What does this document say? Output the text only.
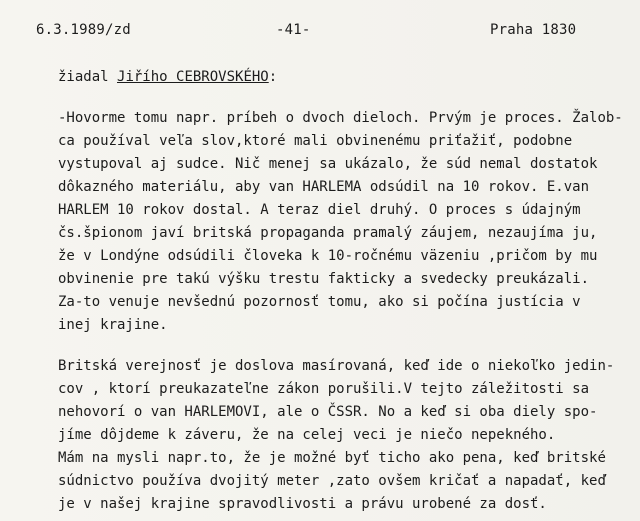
6.3.1989/zd	-41-	Praha 1830
žiadal Jiřího CEBROVSKÉHO:
-Hovorme tomu napr. príbeh o dvoch dieloch. Prvým je proces. Žalob-
ca používal veľa slov,ktoré mali obvinenému priťažiť, podobne
vystupoval aj sudce. Nič menej sa ukázalo, že súd nemal dostatok
dôkazného materiálu, aby van HARLEMA odsúdil na 10 rokov. E.van
HARLEM 10 rokov dostal. A teraz diel druhý. O proces s údajným
čs.špionom javí britská propaganda pramalý záujem, nezaujíma ju,
že v Londýne odsúdili človeka k 10-ročnému väzeniu ,pričom by mu
obvinenie pre takú výšku trestu fakticky a svedecky preukázali.
Za-to venuje nevšednú pozornosť tomu, ako si počína justícia v
inej krajine.
Britská verejnosť je doslova masírovaná, keď ide o niekoľko jedin-
cov , ktorí preukazateľne zákon porušili.V tejto záležitosti sa
nehovorí o van HARLEMOVI, ale o ČSSR. No a keď si oba diely spo-
jíme dôjdeme k záveru, že na celej veci je niečo nepekného.
Mám na mysli napr.to, že je možné byť ticho ako pena, keď britské
súdnictvo používa dvojitý meter ,zato ovšem kričať a napadať, keď
je v našej krajine spravodlivosti a právu urobené za dosť.
